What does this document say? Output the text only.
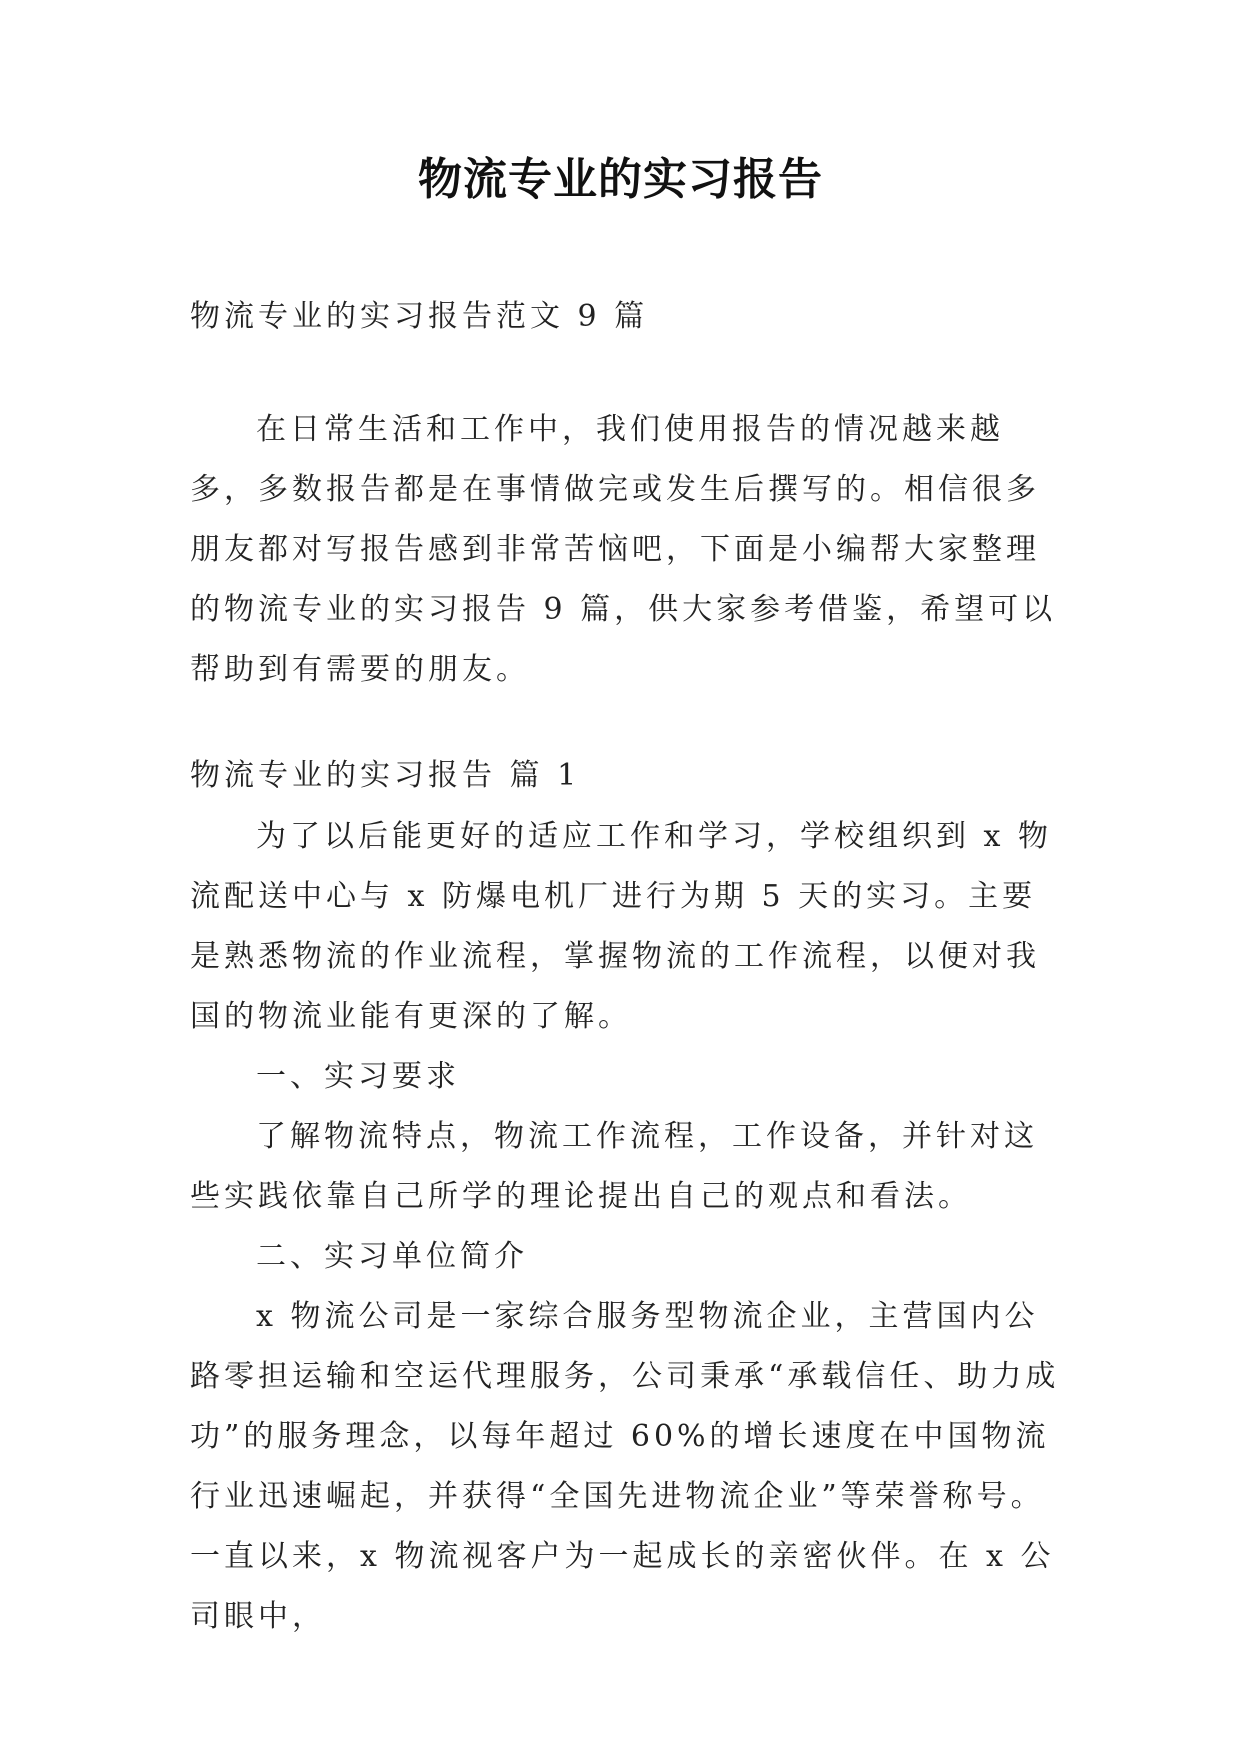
物流专业的实习报告
物流专业的实习报告范文 9 篇
在日常生活和工作中，我们使用报告的情况越来越多，多数报告都是在事情做完或发生后撰写的。相信很多朋友都对写报告感到非常苦恼吧，下面是小编帮大家整理的物流专业的实习报告 9 篇，供大家参考借鉴，希望可以帮助到有需要的朋友。
物流专业的实习报告 篇 1

为了以后能更好的适应工作和学习，学校组织到 x 物流配送中心与 x 防爆电机厂进行为期 5 天的实习。主要是熟悉物流的作业流程，掌握物流的工作流程，以便对我国的物流业能有更深的了解。

一、实习要求

了解物流特点，物流工作流程，工作设备，并针对这些实践依靠自己所学的理论提出自己的观点和看法。

二、实习单位简介

x 物流公司是一家综合服务型物流企业，主营国内公路零担运输和空运代理服务，公司秉承“承载信任、助力成功”的服务理念，以每年超过 60%的增长速度在中国物流行业迅速崛起，并获得“全国先进物流企业”等荣誉称号。一直以来，x 物流视客户为一起成长的亲密伙伴。在 x 公司眼中，
